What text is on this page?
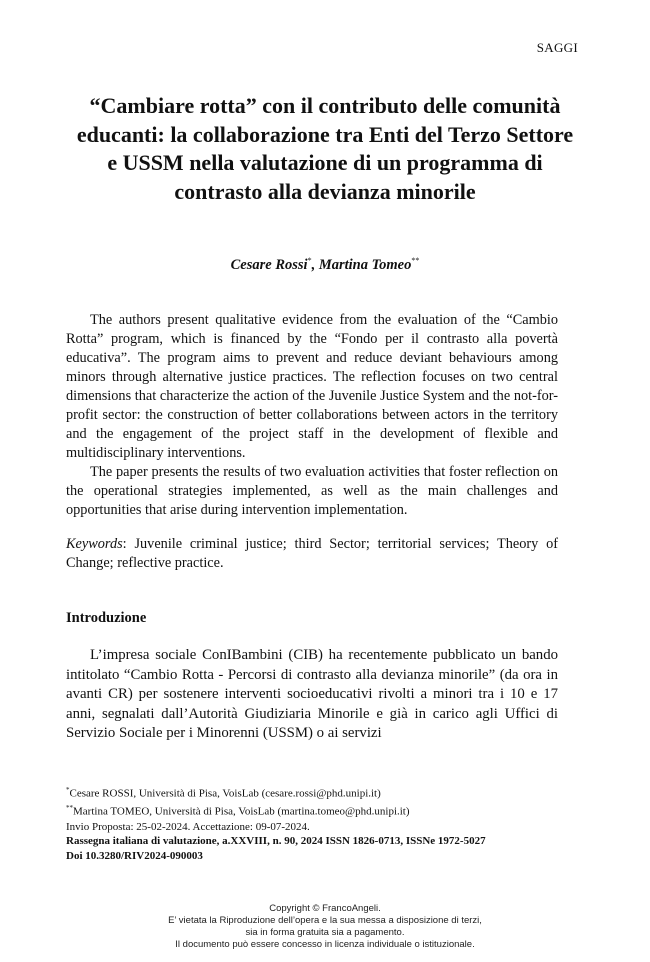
SAGGI
“Cambiare rotta” con il contributo delle comunità educanti: la collaborazione tra Enti del Terzo Settore e USSM nella valutazione di un programma di contrasto alla devianza minorile
Cesare Rossi*, Martina Tomeo**

The authors present qualitative evidence from the evaluation of the “Cambio Rotta” program, which is financed by the “Fondo per il contrasto alla povertà educativa”. The program aims to prevent and reduce deviant behaviours among minors through alternative justice practices. The reflection focuses on two central dimensions that characterize the action of the Juvenile Justice System and the not-for-profit sector: the construction of better collaborations between actors in the territory and the engagement of the project staff in the development of flexible and multidisciplinary interventions.

The paper presents the results of two evaluation activities that foster reflection on the operational strategies implemented, as well as the main challenges and opportunities that arise during intervention implementation.

Keywords: Juvenile criminal justice; third Sector; territorial services; Theory of Change; reflective practice.

Introduzione

L’impresa sociale ConIBambini (CIB) ha recentemente pubblicato un bando intitolato “Cambio Rotta - Percorsi di contrasto alla devianza minorile” (da ora in avanti CR) per sostenere interventi socioeducativi rivolti a minori tra i 10 e 17 anni, segnalati dall’Autorità Giudiziaria Minorile e già in carico agli Uffici di Servizio Sociale per i Minorenni (USSM) o ai servizi

*Cesare ROSSI, Università di Pisa, VoisLab (cesare.rossi@phd.unipi.it)
**Martina TOMEO, Università di Pisa, VoisLab (martina.tomeo@phd.unipi.it)
Invio Proposta: 25-02-2024. Accettazione: 09-07-2024.
Rassegna italiana di valutazione, a.XXVIII, n. 90, 2024 ISSN 1826-0713, ISSNe 1972-5027
Doi 10.3280/RIV2024-090003
Copyright © FrancoAngeli.
E’ vietata la Riproduzione dell’opera e la sua messa a disposizione di terzi,
sia in forma gratuita sia a pagamento.
Il documento può essere concesso in licenza individuale o istituzionale.
